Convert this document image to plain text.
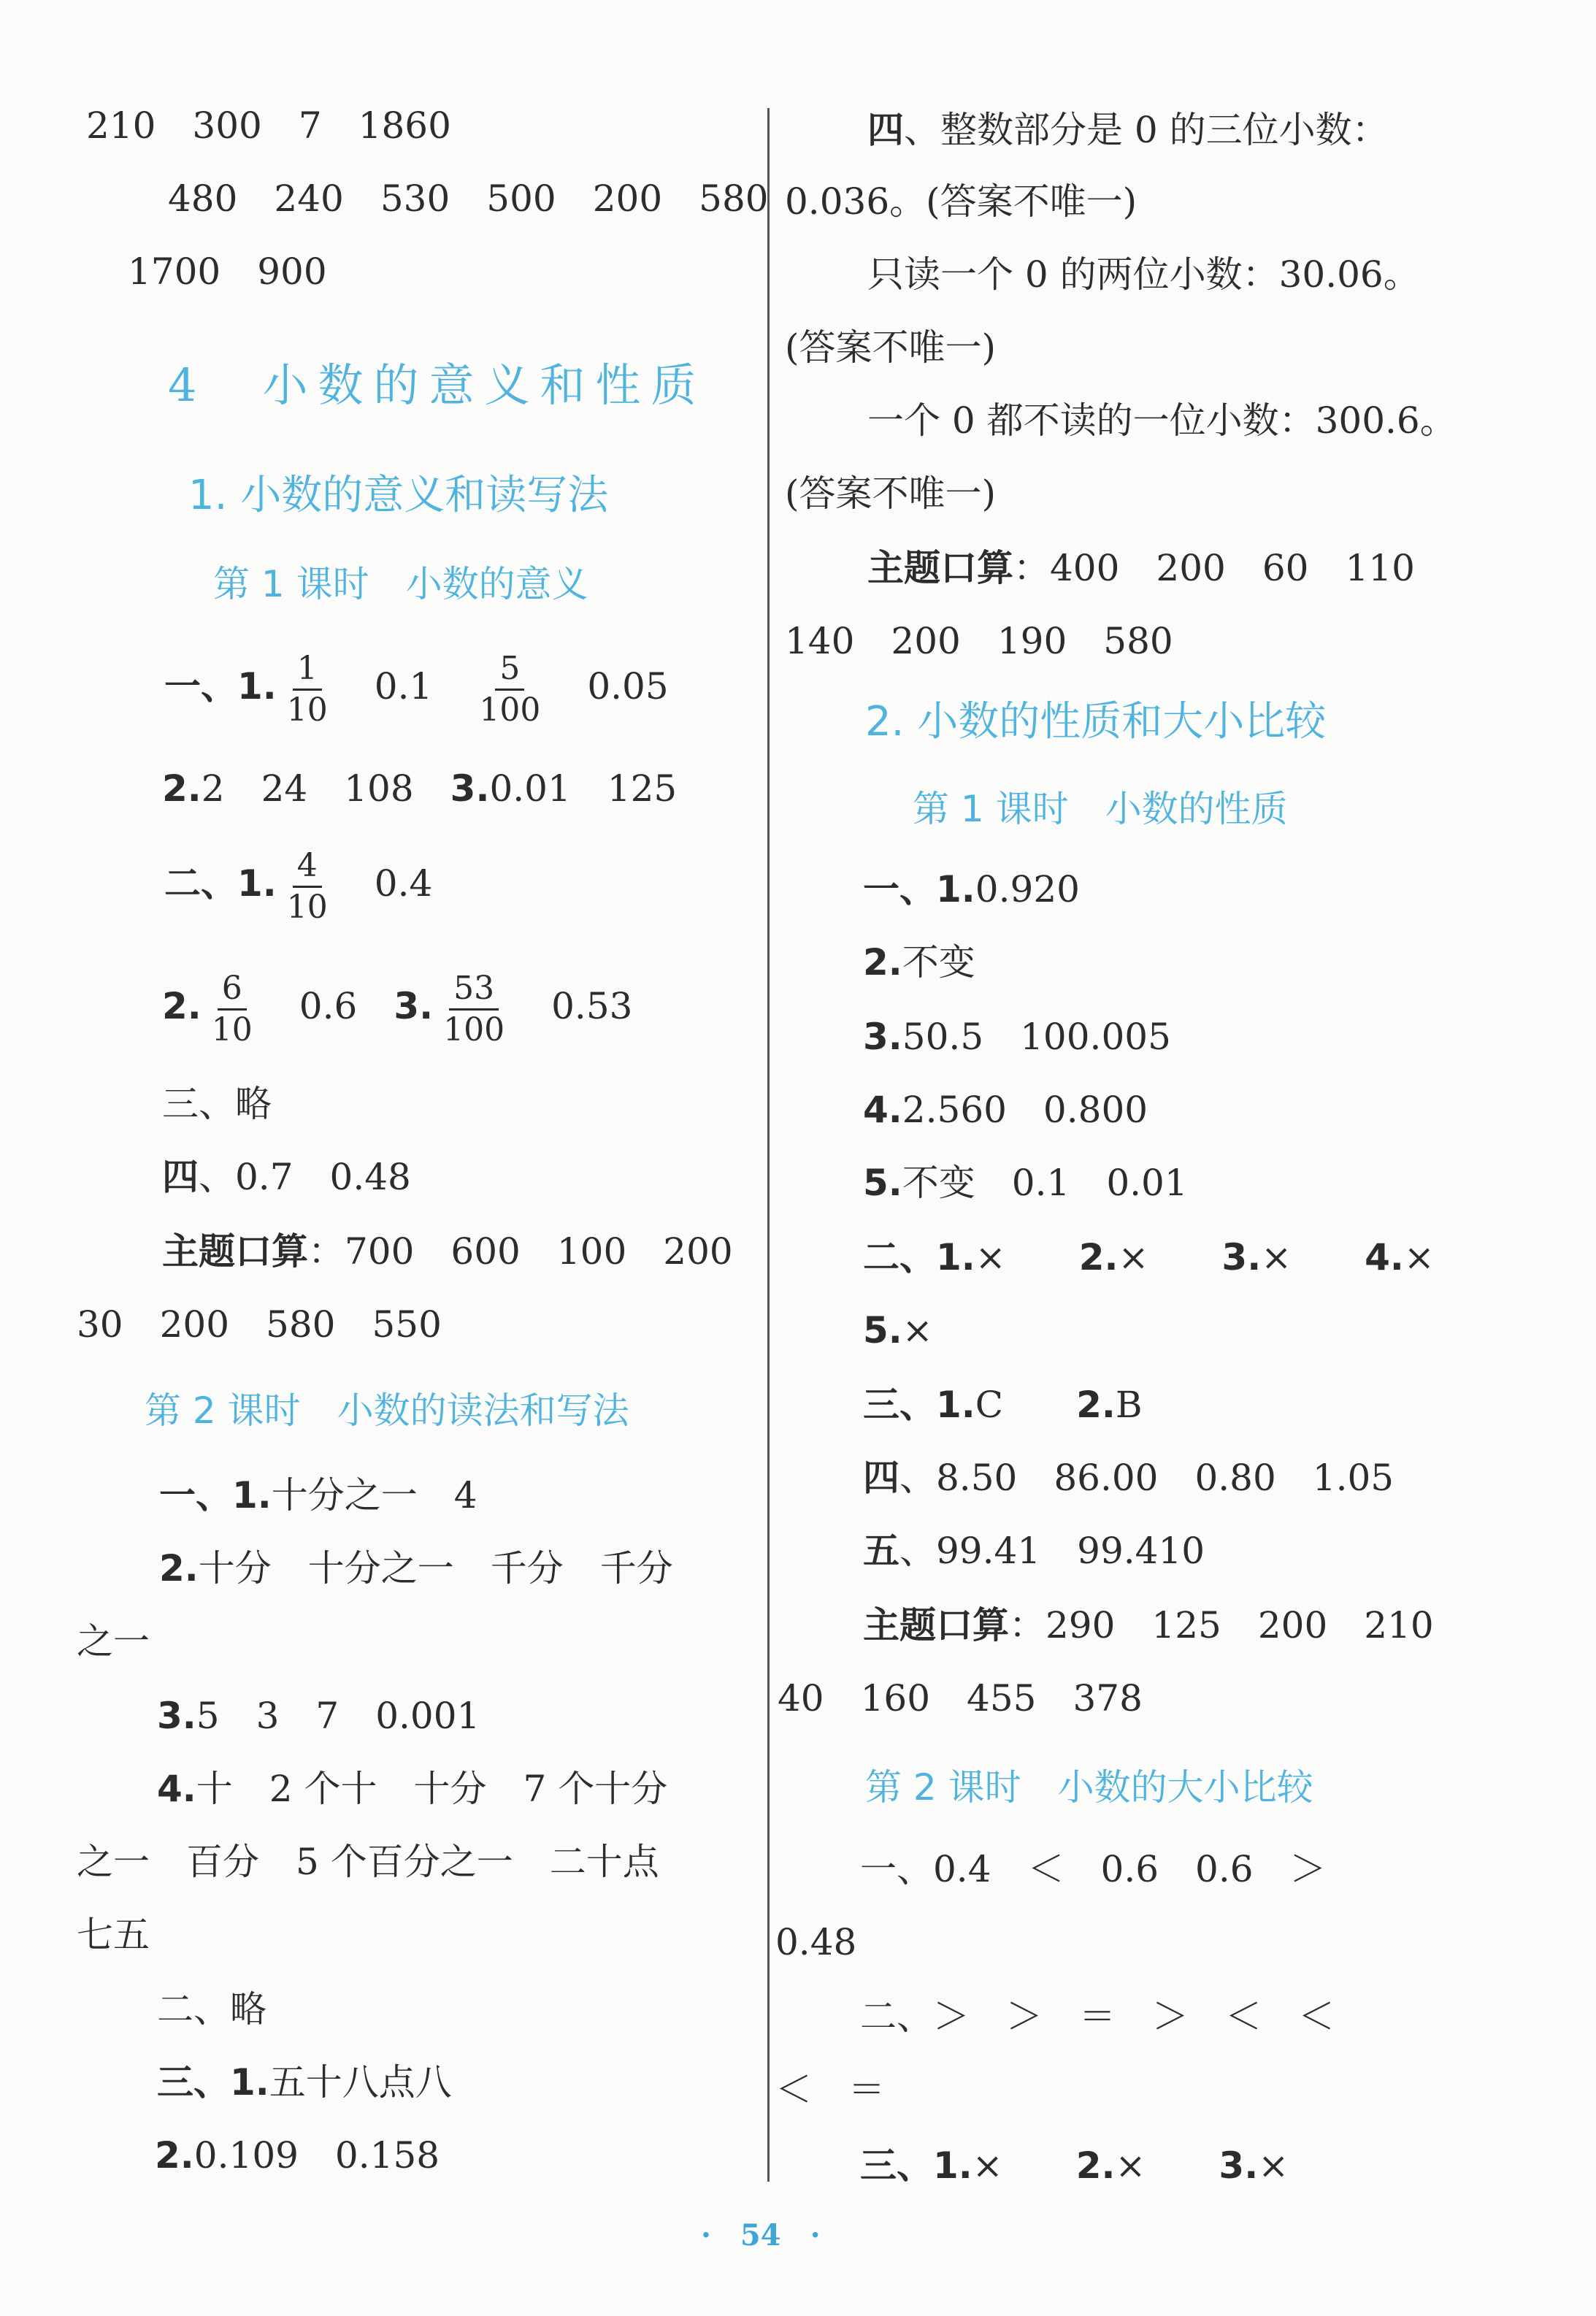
210　300　7　1860
480　240　530　500　200　580
1700　900
4　小数的意义和性质
1. 小数的意义和读写法
第 1 课时　小数的意义
一、1. $\frac{1}{10}$
　 0.1　 $\frac{5}{100}$
　 0.05
2.2　24　108　 3.0.01　125
二、1. $\frac{4}{10}$
　 0.4
2. $\frac{6}{10}$
　 0.6　 3. $\frac{53}{100}$
　 0.53
三、略
四、0.7　0.48
主题口算：700　600　100　200
30　200　580　550
第 2 课时　小数的读法和写法
一、1.十分之一　4
2.十分　十分之一　千分　千分
之一
3.5　3　7　0.001
4.十　2 个十　十分　7 个十分
之一　百分　5 个百分之一　二十点
七五
二、略
三、1.五十八点八
2.0.109　0.158
四、整数部分是 0 的三位小数：
0.036。(答案不唯一)
只读一个 0 的两位小数：30.06。
(答案不唯一)
一个 0 都不读的一位小数：300.6。
(答案不唯一)
主题口算：400　200　60　110
140　200　190　580
2. 小数的性质和大小比较
第 1 课时　小数的性质
一、1.0.920
2.不变
3.50.5　100.005
4.2.560　0.800
5.不变　0.1　0.01
二、1.×　　2.×　　3.×　　4.×
5.×
三、1.C　　2.B
四、8.50　86.00　0.80　1.05
五、99.41　99.410
主题口算：290　125　200　210
40　160　455　378
第 2 课时　小数的大小比较
一、0.4　＜　0.6　0.6　＞
0.48
二、＞　＞　＝　＞　＜　＜
＜　＝
三、1.×　　2.×　　3.×
·　54　·
